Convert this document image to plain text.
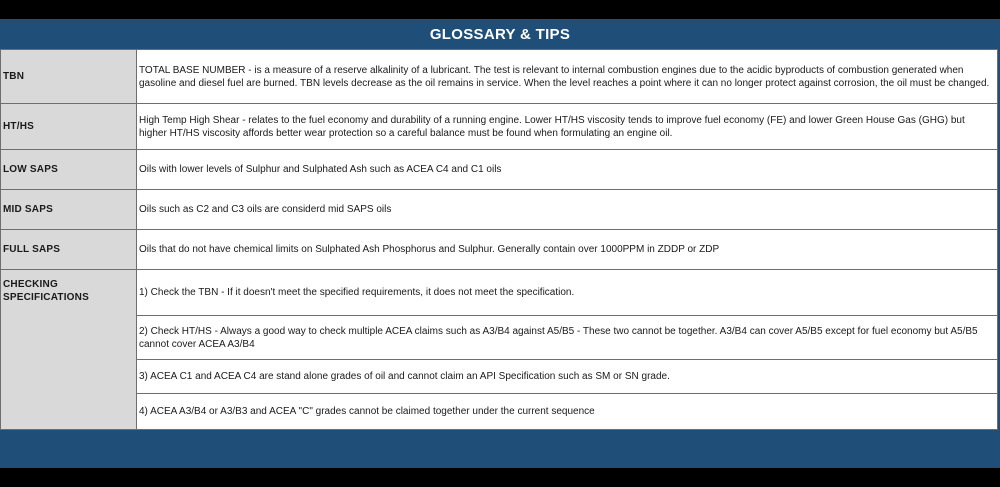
GLOSSARY & TIPS
TBN	TOTAL BASE NUMBER - is a measure of a reserve alkalinity of a lubricant. The test is relevant to internal combustion engines due to the acidic byproducts of combustion generated when gasoline and diesel fuel are burned. TBN levels decrease as the oil remains in service. When the level reaches a point where it can no longer protect against corrosion, the oil must be changed.
HT/HS	High Temp High Shear - relates to the fuel economy and durability of a running engine. Lower HT/HS viscosity tends to improve fuel economy (FE) and lower Green House Gas (GHG) but higher HT/HS viscosity affords better wear protection so a careful balance must be found when formulating an engine oil.
LOW SAPS	Oils with lower levels of Sulphur and Sulphated Ash such as ACEA C4 and C1 oils
MID SAPS	Oils such as C2 and C3 oils are considerd mid SAPS oils
FULL SAPS	Oils that do not have chemical limits on Sulphated Ash Phosphorus and Sulphur. Generally contain over 1000PPM in ZDDP or ZDP
CHECKING SPECIFICATIONS	1) Check the TBN - If it doesn't meet the specified requirements, it does not meet the specification.
	2) Check HT/HS - Always a good way to check multiple ACEA claims such as A3/B4 against A5/B5 - These two cannot be together. A3/B4 can cover A5/B5 except for fuel economy but A5/B5 cannot cover ACEA A3/B4
	3) ACEA C1 and ACEA C4 are stand alone grades of oil and cannot claim an API Specification such as SM or SN grade.
	4) ACEA A3/B4 or A3/B3 and ACEA "C" grades cannot be claimed together under the current sequence
